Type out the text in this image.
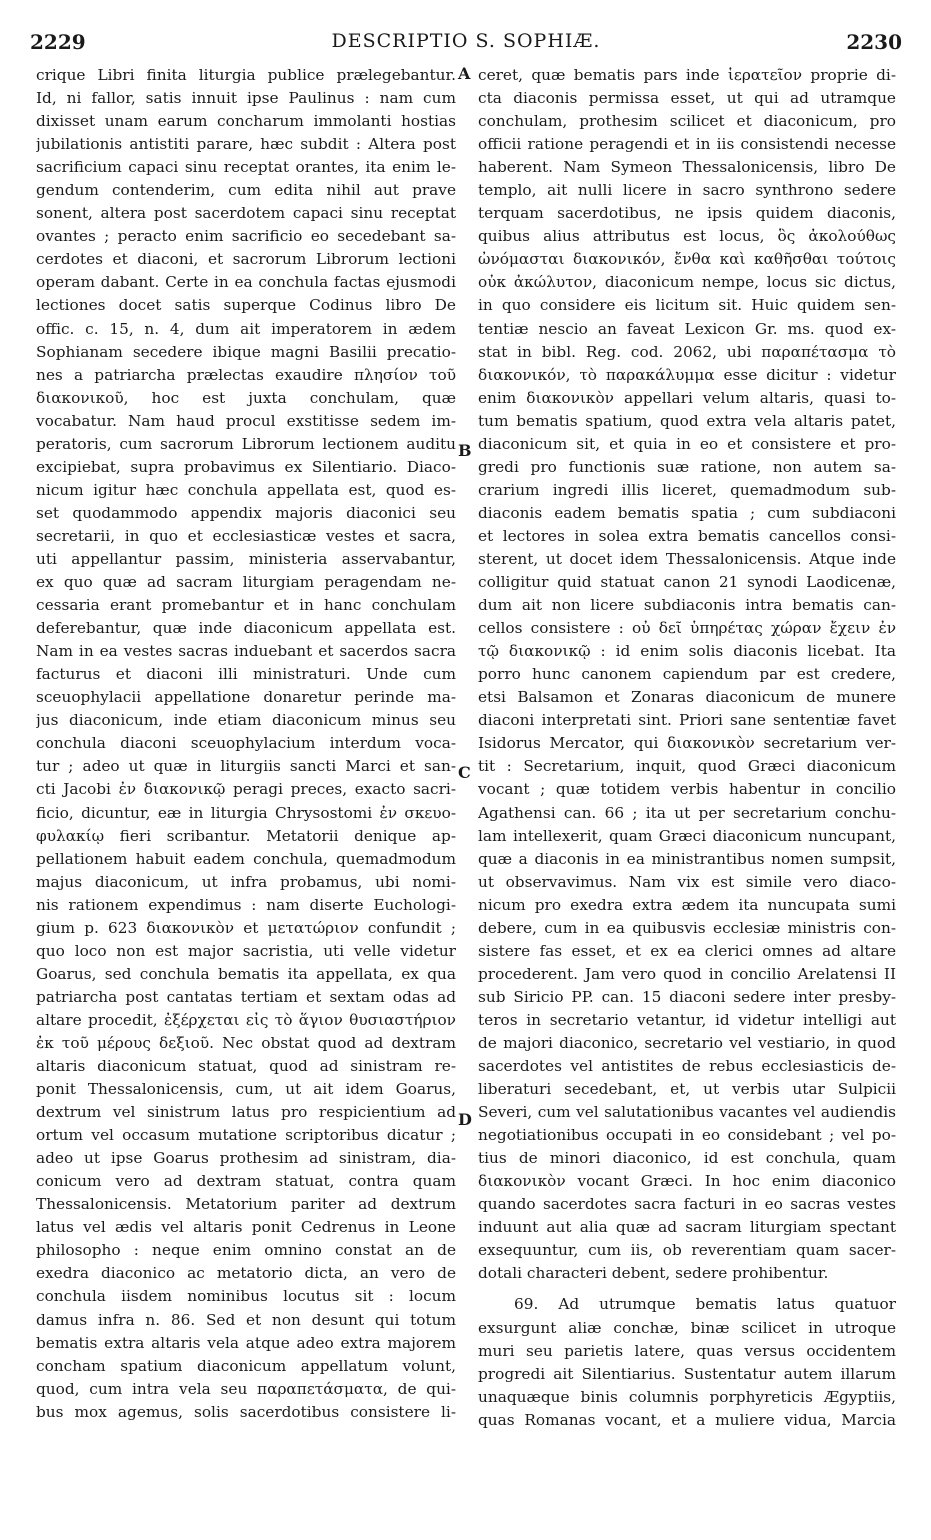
2229	DESCRIPTIO S. SOPHIÆ.	2230
A
B
C
D
crique Libri finita liturgia publice prælegebantur.
Id, ni fallor, satis innuit ipse Paulinus : nam cum
dixisset unam earum concharum immolanti hostias
jubilationis antistiti parare, hæc subdit : Altera post
sacrificium capaci sinu receptat orantes, ita enim le-
gendum contenderim, cum edita nihil aut prave
sonent, altera post sacerdotem capaci sinu receptat
ovantes ; peracto enim sacrificio eo secedebant sa-
cerdotes et diaconi, et sacrorum Librorum lectioni
operam dabant. Certe in ea conchula factas ejusmodi
lectiones docet satis superque Codinus libro De
offic. c. 15, n. 4, dum ait imperatorem in ædem
Sophianam secedere ibique magni Basilii precatio-
nes a patriarcha prælectas exaudire πλησίον τοῦ
διακονικοῦ, hoc est juxta conchulam, quæ
vocabatur. Nam haud procul exstitisse sedem im-
peratoris, cum sacrorum Librorum lectionem auditu
excipiebat, supra probavimus ex Silentiario. Diaco-
nicum igitur hæc conchula appellata est, quod es-
set quodammodo appendix majoris diaconici seu
secretarii, in quo et ecclesiasticæ vestes et sacra,
uti appellantur passim, ministeria asservabantur,
ex quo quæ ad sacram liturgiam peragendam ne-
cessaria erant promebantur et in hanc conchulam
deferebantur, quæ inde diaconicum appellata est.
Nam in ea vestes sacras induebant et sacerdos sacra
facturus et diaconi illi ministraturi. Unde cum
sceuophylacii appellatione donaretur perinde ma-
jus diaconicum, inde etiam diaconicum minus seu
conchula diaconi sceuophylacium interdum voca-
tur ; adeo ut quæ in liturgiis sancti Marci et san-
cti Jacobi ἐν διακονικῷ peragi preces, exacto sacri-
ficio, dicuntur, eæ in liturgia Chrysostomi ἐν σκευο-
φυλακίῳ fieri scribantur. Metatorii denique ap-
pellationem habuit eadem conchula, quemadmodum
majus diaconicum, ut infra probamus, ubi nomi-
nis rationem expendimus : nam diserte Euchologi-
gium p. 623 διακονικὸν et μετατώριον confundit ;
quo loco non est major sacristia, uti velle videtur
Goarus, sed conchula bematis ita appellata, ex qua
patriarcha post cantatas tertiam et sextam odas ad
altare procedit, ἐξέρχεται εἰς τὸ ἅγιον θυσιαστήριον
ἐκ τοῦ μέρους δεξιοῦ. Nec obstat quod ad dextram
altaris diaconicum statuat, quod ad sinistram re-
ponit Thessalonicensis, cum, ut ait idem Goarus,
dextrum vel sinistrum latus pro respicientium ad
ortum vel occasum mutatione scriptoribus dicatur ;
adeo ut ipse Goarus prothesim ad sinistram, dia-
conicum vero ad dextram statuat, contra quam
Thessalonicensis. Metatorium pariter ad dextrum
latus vel ædis vel altaris ponit Cedrenus in Leone
philosopho : neque enim omnino constat an de
exedra diaconico ac metatorio dicta, an vero de
conchula iisdem nominibus locutus sit : locum
damus infra n. 86. Sed et non desunt qui totum
bematis extra altaris vela atque adeo extra majorem
concham spatium diaconicum appellatum volunt,
quod, cum intra vela seu παραπετάσματα, de qui-
bus mox agemus, solis sacerdotibus consistere li-
ceret, quæ bematis pars inde ἱερατεῖον proprie di-
cta diaconis permissa esset, ut qui ad utramque
conchulam, prothesim scilicet et diaconicum, pro
officii ratione peragendi et in iis consistendi necesse
haberent. Nam Symeon Thessalonicensis, libro De
templo, ait nulli licere in sacro synthrono sedere
terquam sacerdotibus, ne ipsis quidem diaconis,
quibus alius attributus est locus, ὃς ἀκολούθως
ὠνόμασται διακονικόν, ἔνθα καὶ καθῆσθαι τούτοις
οὐκ ἀκώλυτον, diaconicum nempe, locus sic dictus,
in quo considere eis licitum sit. Huic quidem sen-
tentiæ nescio an faveat Lexicon Gr. ms. quod ex-
stat in bibl. Reg. cod. 2062, ubi παραπέτασμα τὸ
διακονικόν, τὸ παρακάλυμμα esse dicitur : videtur
enim διακονικὸν appellari velum altaris, quasi to-
tum bematis spatium, quod extra vela altaris patet,
diaconicum sit, et quia in eo et consistere et pro-
gredi pro functionis suæ ratione, non autem sa-
crarium ingredi illis liceret, quemadmodum sub-
diaconis eadem bematis spatia ; cum subdiaconi
et lectores in solea extra bematis cancellos consi-
sterent, ut docet idem Thessalonicensis. Atque inde
colligitur quid statuat canon 21 synodi Laodicenæ,
dum ait non licere subdiaconis intra bematis can-
cellos consistere : οὐ δεῖ ὑπηρέτας χώραν ἔχειν ἐν
τῷ διακονικῷ : id enim solis diaconis licebat. Ita
porro hunc canonem capiendum par est credere,
etsi Balsamon et Zonaras diaconicum de munere
diaconi interpretati sint. Priori sane sententiæ favet
Isidorus Mercator, qui διακονικὸν secretarium ver-
tit : Secretarium, inquit, quod Græci diaconicum
vocant ; quæ totidem verbis habentur in concilio
Agathensi can. 66 ; ita ut per secretarium conchu-
lam intellexerit, quam Græci diaconicum nuncupant,
quæ a diaconis in ea ministrantibus nomen sumpsit,
ut observavimus. Nam vix est simile vero diaco-
nicum pro exedra extra ædem ita nuncupata sumi
debere, cum in ea quibusvis ecclesiæ ministris con-
sistere fas esset, et ex ea clerici omnes ad altare
procederent. Jam vero quod in concilio Arelatensi II
sub Siricio PP. can. 15 diaconi sedere inter presby-
teros in secretario vetantur, id videtur intelligi aut
de majori diaconico, secretario vel vestiario, in quod
sacerdotes vel antistites de rebus ecclesiasticis de-
liberaturi secedebant, et, ut verbis utar Sulpicii
Severi, cum vel salutationibus vacantes vel audiendis
negotiationibus occupati in eo considebant ; vel po-
tius de minori diaconico, id est conchula, quam
διακονικὸν vocant Græci. In hoc enim diaconico
quando sacerdotes sacra facturi in eo sacras vestes
induunt aut alia quæ ad sacram liturgiam spectant
exsequuntur, cum iis, ob reverentiam quam sacer-
dotali characteri debent, sedere prohibentur.
69. Ad utrumque bematis latus quatuor
exsurgunt aliæ conchæ, binæ scilicet in utroque
muri seu parietis latere, quas versus occidentem
progredi ait Silentiarius. Sustentatur autem illarum
unaquæque binis columnis porphyreticis Ægyptiis,
quas Romanas vocant, et a muliere vidua, Marcia
